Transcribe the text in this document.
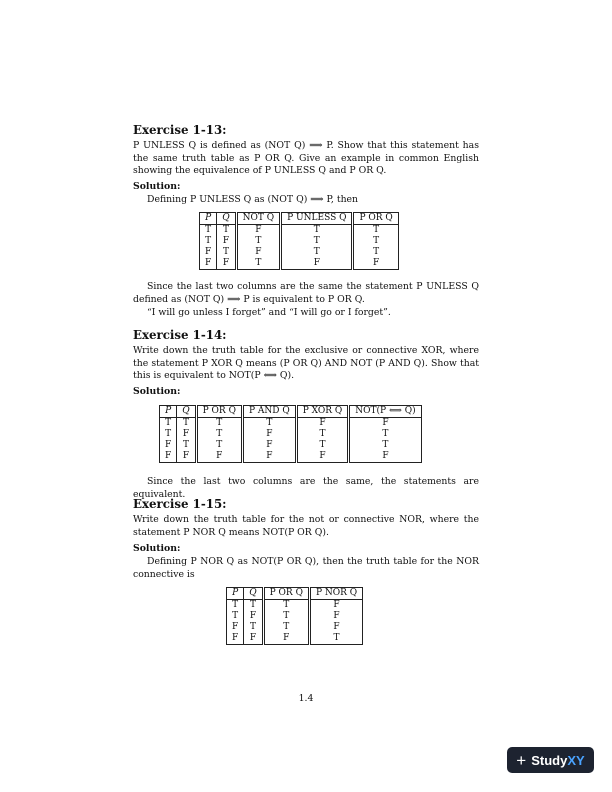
Exercise 1-13:
P UNLESS Q is defined as (NOT Q) ⟹ P. Show that this statement has the same truth table as P OR Q. Give an example in common English showing the equivalence of P UNLESS Q and P OR Q.
Solution:
Defining P UNLESS Q as (NOT Q) ⟹ P, then
P	Q	NOT Q	P UNLESS Q	P OR Q
T	T	F	T	T
T	F	T	T	T
F	T	F	T	T
F	F	T	F	F
Since the last two columns are the same the statement P UNLESS Q defined as (NOT Q) ⟹ P is equivalent to P OR Q.
“I will go unless I forget” and “I will go or I forget”.
Exercise 1-14:
Write down the truth table for the exclusive or connective XOR, where the statement P XOR Q means (P OR Q) AND NOT (P AND Q). Show that this is equivalent to NOT(P ⟺ Q).
Solution:
P	Q	P OR Q	P AND Q	P XOR Q	NOT(P ⟺ Q)
T	T	T	T	F	F
T	F	T	F	T	T
F	T	T	F	T	T
F	F	F	F	F	F
Since the last two columns are the same, the statements are equivalent.
Exercise 1-15:
Write down the truth table for the not or connective NOR, where the statement P NOR Q means NOT(P OR Q).
Solution:
Defining P NOR Q as NOT(P OR Q), then the truth table for the NOR connective is
P	Q	P OR Q	P NOR Q
T	T	T	F
T	F	T	F
F	T	T	F
F	F	F	T
1.4
+ Study XY
